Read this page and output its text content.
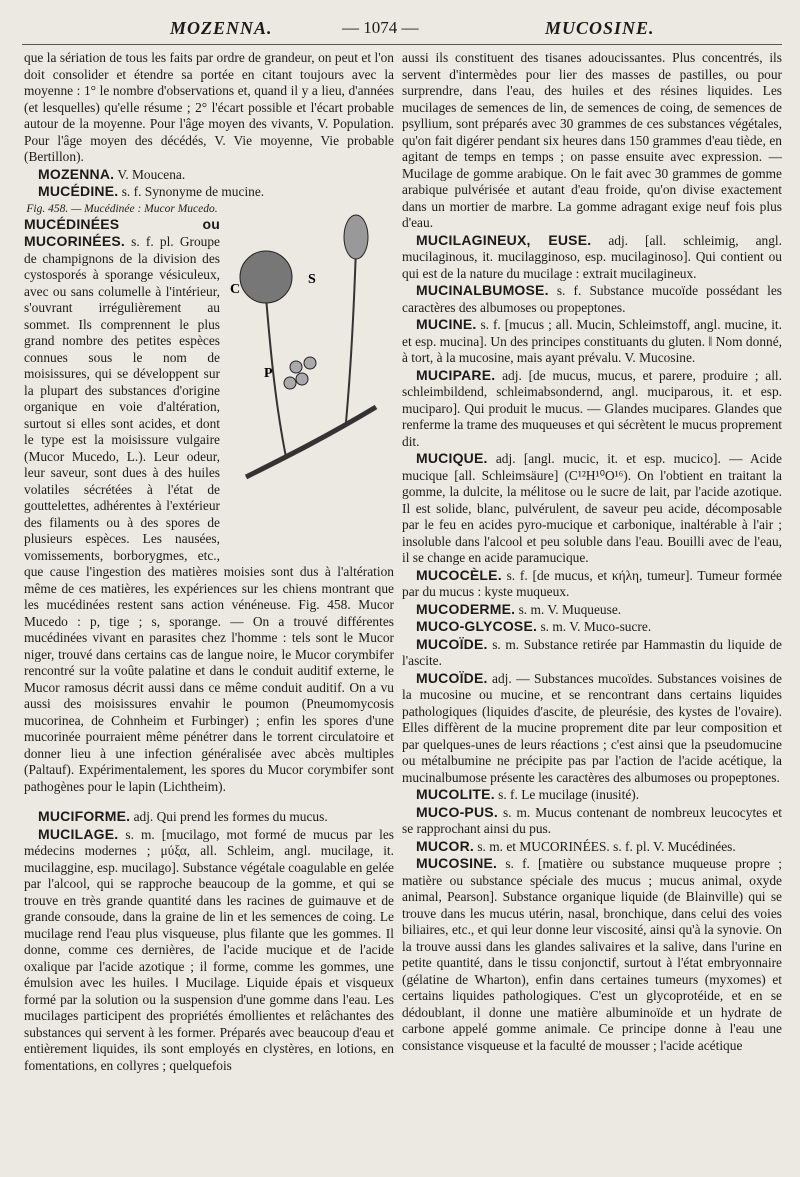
MOZENNA.	— 1074 —	MUCOSINE.

que la sériation de tous les faits par ordre de grandeur, on peut et l'on doit consolider et étendre sa portée en citant toujours avec la moyenne : 1° le nombre d'observations et, quand il y a lieu, d'années (et lesquelles) qu'elle résume ; 2° l'écart possible et l'écart probable autour de la moyenne. Pour l'âge moyen des vivants, V. Population. Pour l'âge moyen des décédés, V. Vie moyenne, Vie probable (Bertillon).

MOZENNA. V. Moucena.

MUCÉDINE. s. f. Synonyme de mucine.

C
S
P

Fig. 458. — Mucédinée : Mucor Mucedo.
MUCÉDINÉES ou MUCORINÉES. s. f. pl. Groupe de champignons de la division des cystosporés à sporange vésiculeux, avec ou sans columelle à l'intérieur, s'ouvrant irrégulièrement au sommet. Ils comprennent le plus grand nombre des petites espèces connues sous le nom de moisissures, qui se développent sur la plupart des substances d'origine organique en voie d'altération, surtout si elles sont acides, et dont le type est la moisissure vulgaire (Mucor Mucedo, L.). Leur odeur, leur saveur, sont dues à des huiles volatiles sécrétées à l'état de gouttelettes, adhérentes à l'extérieur des filaments ou à des spores de plusieurs espèces. Les nausées, vomissements, borborygmes, etc., que cause l'ingestion des matières moisies sont dus à l'altération même de ces matières, les expériences sur les chiens montrant que les mucédinées restent sans action vénéneuse. Fig. 458. Mucor Mucedo : p, tige ; s, sporange. — On a trouvé différentes mucédinées vivant en parasites chez l'homme : tels sont le Mucor niger, trouvé dans certains cas de langue noire, le Mucor corymbifer rencontré sur la voûte palatine et dans le conduit auditif externe, le Mucor ramosus décrit aussi dans ce même conduit auditif. On a vu aussi des moisissures envahir le poumon (Pneumomycosis mucorinea, de Cohnheim et Furbinger) ; enfin les spores d'une mucorinée pourraient même pénétrer dans le torrent circulatoire et donner lieu à une infection généralisée avec abcès multiples (Paltauf). Expérimentalement, les spores du Mucor corymbifer sont pathogènes pour le lapin (Lichtheim).

MUCIFORME. adj. Qui prend les formes du mucus.

MUCILAGE. s. m. [mucilago, mot formé de mucus par les médecins modernes ; μύξα, all. Schleim, angl. mucilage, it. mucilaggine, esp. mucilago]. Substance végétale coagulable en gelée par l'alcool, qui se rapproche beaucoup de la gomme, et qui se trouve en très grande quantité dans les racines de guimauve et de grande consoude, dans la graine de lin et les semences de coing. Le mucilage rend l'eau plus visqueuse, plus filante que les gommes. Il donne, comme ces dernières, de l'acide mucique et de l'acide oxalique par l'acide azotique ; il forme, comme les gommes, une émulsion avec les huiles. ‖ Mucilage. Liquide épais et visqueux formé par la solution ou la suspension d'une gomme dans l'eau. Les mucilages participent des propriétés émollientes et relâchantes des substances qui servent à les former. Préparés avec beaucoup d'eau et entièrement liquides, ils sont employés en clystères, en lotions, en fomentations, en collyres ; quelquefois

aussi ils constituent des tisanes adoucissantes. Plus concentrés, ils servent d'intermèdes pour lier des masses de pastilles, ou pour surprendre, dans l'eau, des huiles et des résines liquides. Les mucilages de semences de lin, de semences de coing, de semences de psyllium, sont préparés avec 30 grammes de ces substances végétales, qu'on fait digérer pendant six heures dans 150 grammes d'eau tiède, en agitant de temps en temps ; on passe ensuite avec expression. — Mucilage de gomme arabique. On le fait avec 30 grammes de gomme arabique pulvérisée et autant d'eau froide, qu'on divise exactement dans un mortier de marbre. La gomme adragant exige neuf fois plus d'eau.

MUCILAGINEUX, EUSE. adj. [all. schleimig, angl. mucilaginous, it. mucilagginoso, esp. mucilaginoso]. Qui contient ou qui est de la nature du mucilage : extrait mucilagineux.

MUCINALBUMOSE. s. f. Substance mucoïde possédant les caractères des albumoses ou propeptones.

MUCINE. s. f. [mucus ; all. Mucin, Schleimstoff, angl. mucine, it. et esp. mucina]. Un des principes constituants du gluten. ‖ Nom donné, à tort, à la mucosine, mais ayant prévalu. V. Mucosine.

MUCIPARE. adj. [de mucus, mucus, et parere, produire ; all. schleimbildend, schleimabsondernd, angl. muciparous, it. et esp. muciparo]. Qui produit le mucus. — Glandes mucipares. Glandes que renferme la trame des muqueuses et qui sécrètent le mucus proprement dit.

MUCIQUE. adj. [angl. mucic, it. et esp. mucico]. — Acide mucique [all. Schleimsäure] (C¹²H¹⁰O¹⁶). On l'obtient en traitant la gomme, la dulcite, la mélitose ou le sucre de lait, par l'acide azotique. Il est solide, blanc, pulvérulent, de saveur peu acide, décomposable par le feu en acides pyro-mucique et carbonique, inaltérable à l'air ; insoluble dans l'alcool et peu soluble dans l'eau. Bouilli avec de l'eau, il se change en acide paramucique.

MUCOCÈLE. s. f. [de mucus, et κήλη, tumeur]. Tumeur formée par du mucus : kyste muqueux.

MUCODERME. s. m. V. Muqueuse.

MUCO-GLYCOSE. s. m. V. Muco-sucre.

MUCOÏDE. s. m. Substance retirée par Hammastin du liquide de l'ascite.

MUCOÏDE. adj. — Substances mucoïdes. Substances voisines de la mucosine ou mucine, et se rencontrant dans certains liquides pathologiques (liquides d'ascite, de pleurésie, des kystes de l'ovaire). Elles diffèrent de la mucine proprement dite par leur composition et par quelques-unes de leurs réactions ; c'est ainsi que la pseudomucine ou métalbumine ne précipite pas par l'action de l'acide acétique, la mucinalbumose présente les caractères des albumoses ou propeptones.

MUCOLITE. s. f. Le mucilage (inusité).

MUCO-PUS. s. m. Mucus contenant de nombreux leucocytes et se rapprochant ainsi du pus.

MUCOR. s. m. et MUCORINÉES. s. f. pl. V. Mucédinées.

MUCOSINE. s. f. [matière ou substance muqueuse propre ; matière ou substance spéciale des mucus ; mucus animal, oxyde animal, Pearson]. Substance organique liquide (de Blainville) qui se trouve dans les mucus utérin, nasal, bronchique, dans celui des voies biliaires, etc., et qui leur donne leur viscosité, ainsi qu'à la synovie. On la trouve aussi dans les glandes salivaires et la salive, dans l'urine en petite quantité, dans le tissu conjonctif, surtout à l'état embryonnaire (gélatine de Wharton), enfin dans certaines tumeurs (myxomes) et certains liquides pathologiques. C'est un glycoprotéide, et en se dédoublant, il donne une matière albuminoïde et un hydrate de carbone appelé gomme animale. Ce principe donne à l'eau une consistance visqueuse et la faculté de mousser ; l'acide acétique
